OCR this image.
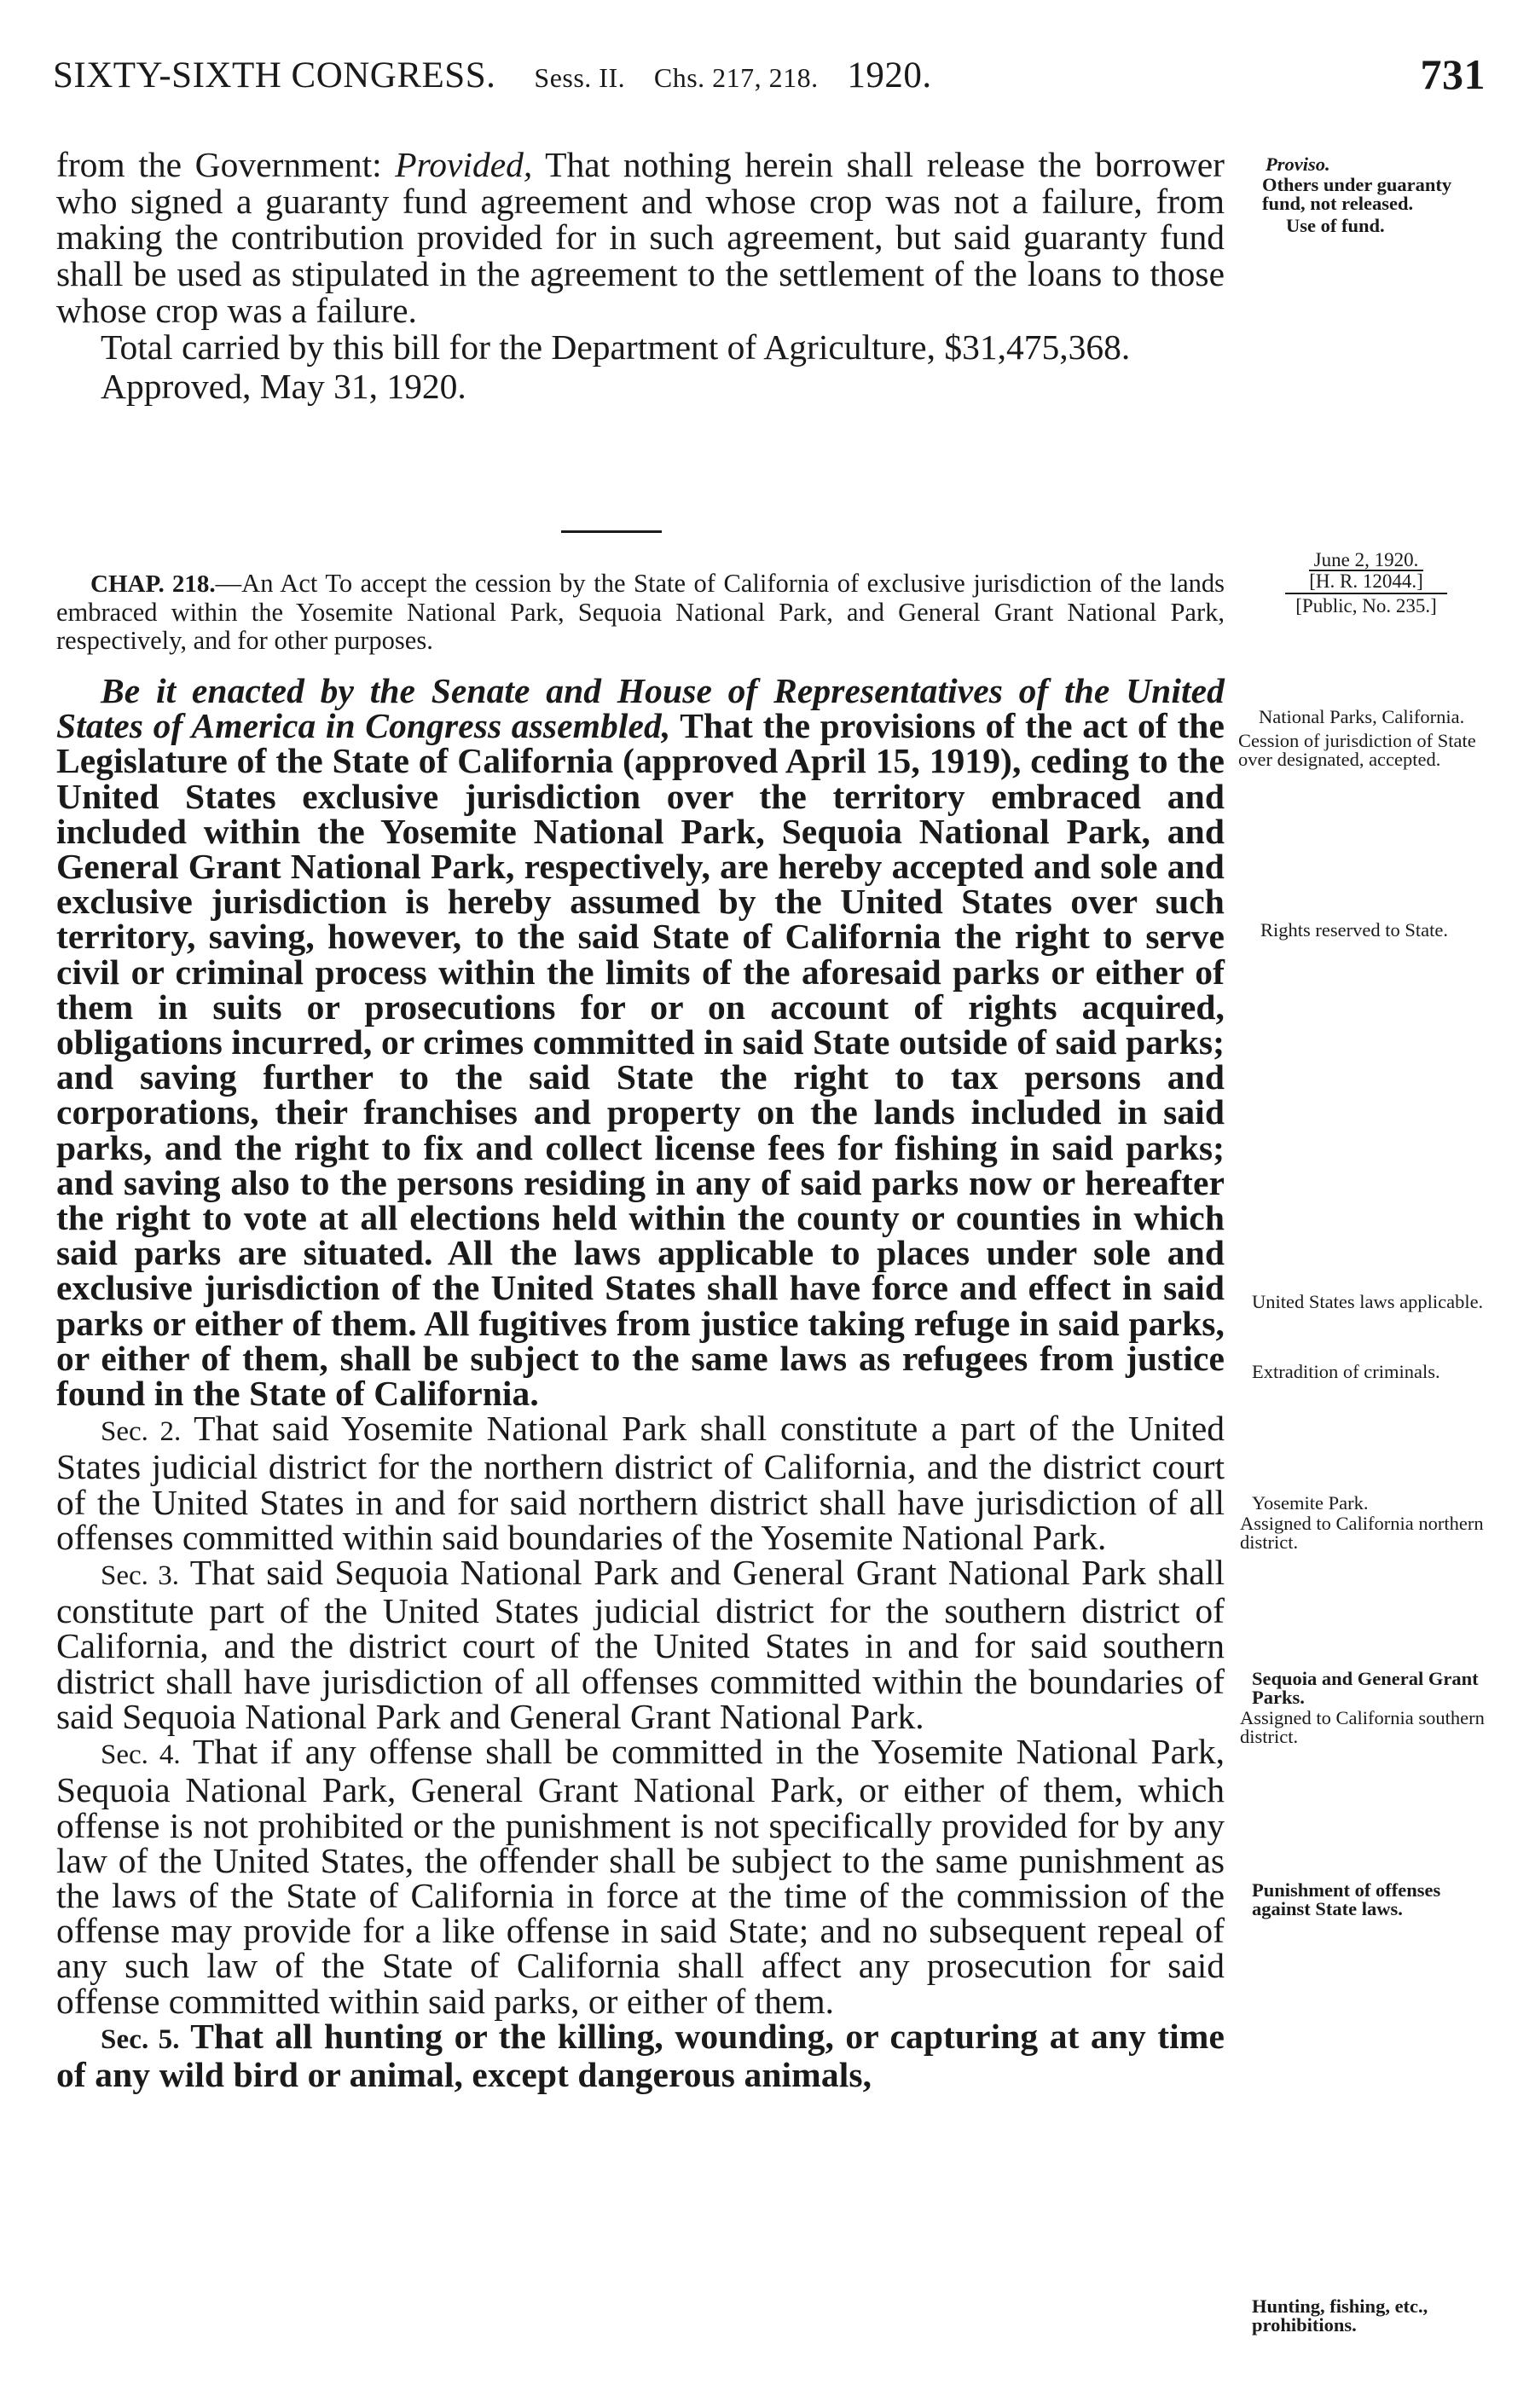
SIXTY-SIXTH CONGRESS. Sess. II. Chs. 217, 218. 1920.	731

from the Government: Provided, That nothing herein shall release the borrower who signed a guaranty fund agreement and whose crop was not a failure, from making the contribution provided for in such agreement, but said guaranty fund shall be used as stipulated in the agreement to the settlement of the loans to those whose crop was a failure.

Total carried by this bill for the Department of Agriculture, $31,475,368.

Approved, May 31, 1920.

CHAP. 218.—An Act To accept the cession by the State of California of exclusive jurisdiction of the lands embraced within the Yosemite National Park, Sequoia National Park, and General Grant National Park, respectively, and for other purposes.
June 2, 1920.
[H. R. 12044.]
[Public, No. 235.]

Be it enacted by the Senate and House of Representatives of the United States of America in Congress assembled, That the provisions of the act of the Legislature of the State of California (approved April 15, 1919), ceding to the United States exclusive jurisdiction over the territory embraced and included within the Yosemite National Park, Sequoia National Park, and General Grant National Park, respectively, are hereby accepted and sole and exclusive jurisdiction is hereby assumed by the United States over such territory, saving, however, to the said State of California the right to serve civil or criminal process within the limits of the aforesaid parks or either of them in suits or prosecutions for or on account of rights acquired, obligations incurred, or crimes committed in said State outside of said parks; and saving further to the said State the right to tax persons and corporations, their franchises and property on the lands included in said parks, and the right to fix and collect license fees for fishing in said parks; and saving also to the persons residing in any of said parks now or hereafter the right to vote at all elections held within the county or counties in which said parks are situated. All the laws applicable to places under sole and exclusive jurisdiction of the United States shall have force and effect in said parks or either of them. All fugitives from justice taking refuge in said parks, or either of them, shall be subject to the same laws as refugees from justice found in the State of California.

Sec. 2. That said Yosemite National Park shall constitute a part of the United States judicial district for the northern district of California, and the district court of the United States in and for said northern district shall have jurisdiction of all offenses committed within said boundaries of the Yosemite National Park.

Sec. 3. That said Sequoia National Park and General Grant National Park shall constitute part of the United States judicial district for the southern district of California, and the district court of the United States in and for said southern district shall have jurisdiction of all offenses committed within the boundaries of said Sequoia National Park and General Grant National Park.

Sec. 4. That if any offense shall be committed in the Yosemite National Park, Sequoia National Park, General Grant National Park, or either of them, which offense is not prohibited or the punishment is not specifically provided for by any law of the United States, the offender shall be subject to the same punishment as the laws of the State of California in force at the time of the commission of the offense may provide for a like offense in said State; and no subsequent repeal of any such law of the State of California shall affect any prosecution for said offense committed within said parks, or either of them.

Sec. 5. That all hunting or the killing, wounding, or capturing at any time of any wild bird or animal, except dangerous animals,

Proviso.
Others under guaranty fund, not released.
Use of fund.
National Parks, California.
Cession of jurisdiction of State over designated, accepted.
Rights reserved to State.
United States laws applicable.
Extradition of criminals.
Yosemite Park.
Assigned to California northern district.
Sequoia and General Grant Parks.
Assigned to California southern district.
Punishment of offenses against State laws.
Hunting, fishing, etc., prohibitions.
